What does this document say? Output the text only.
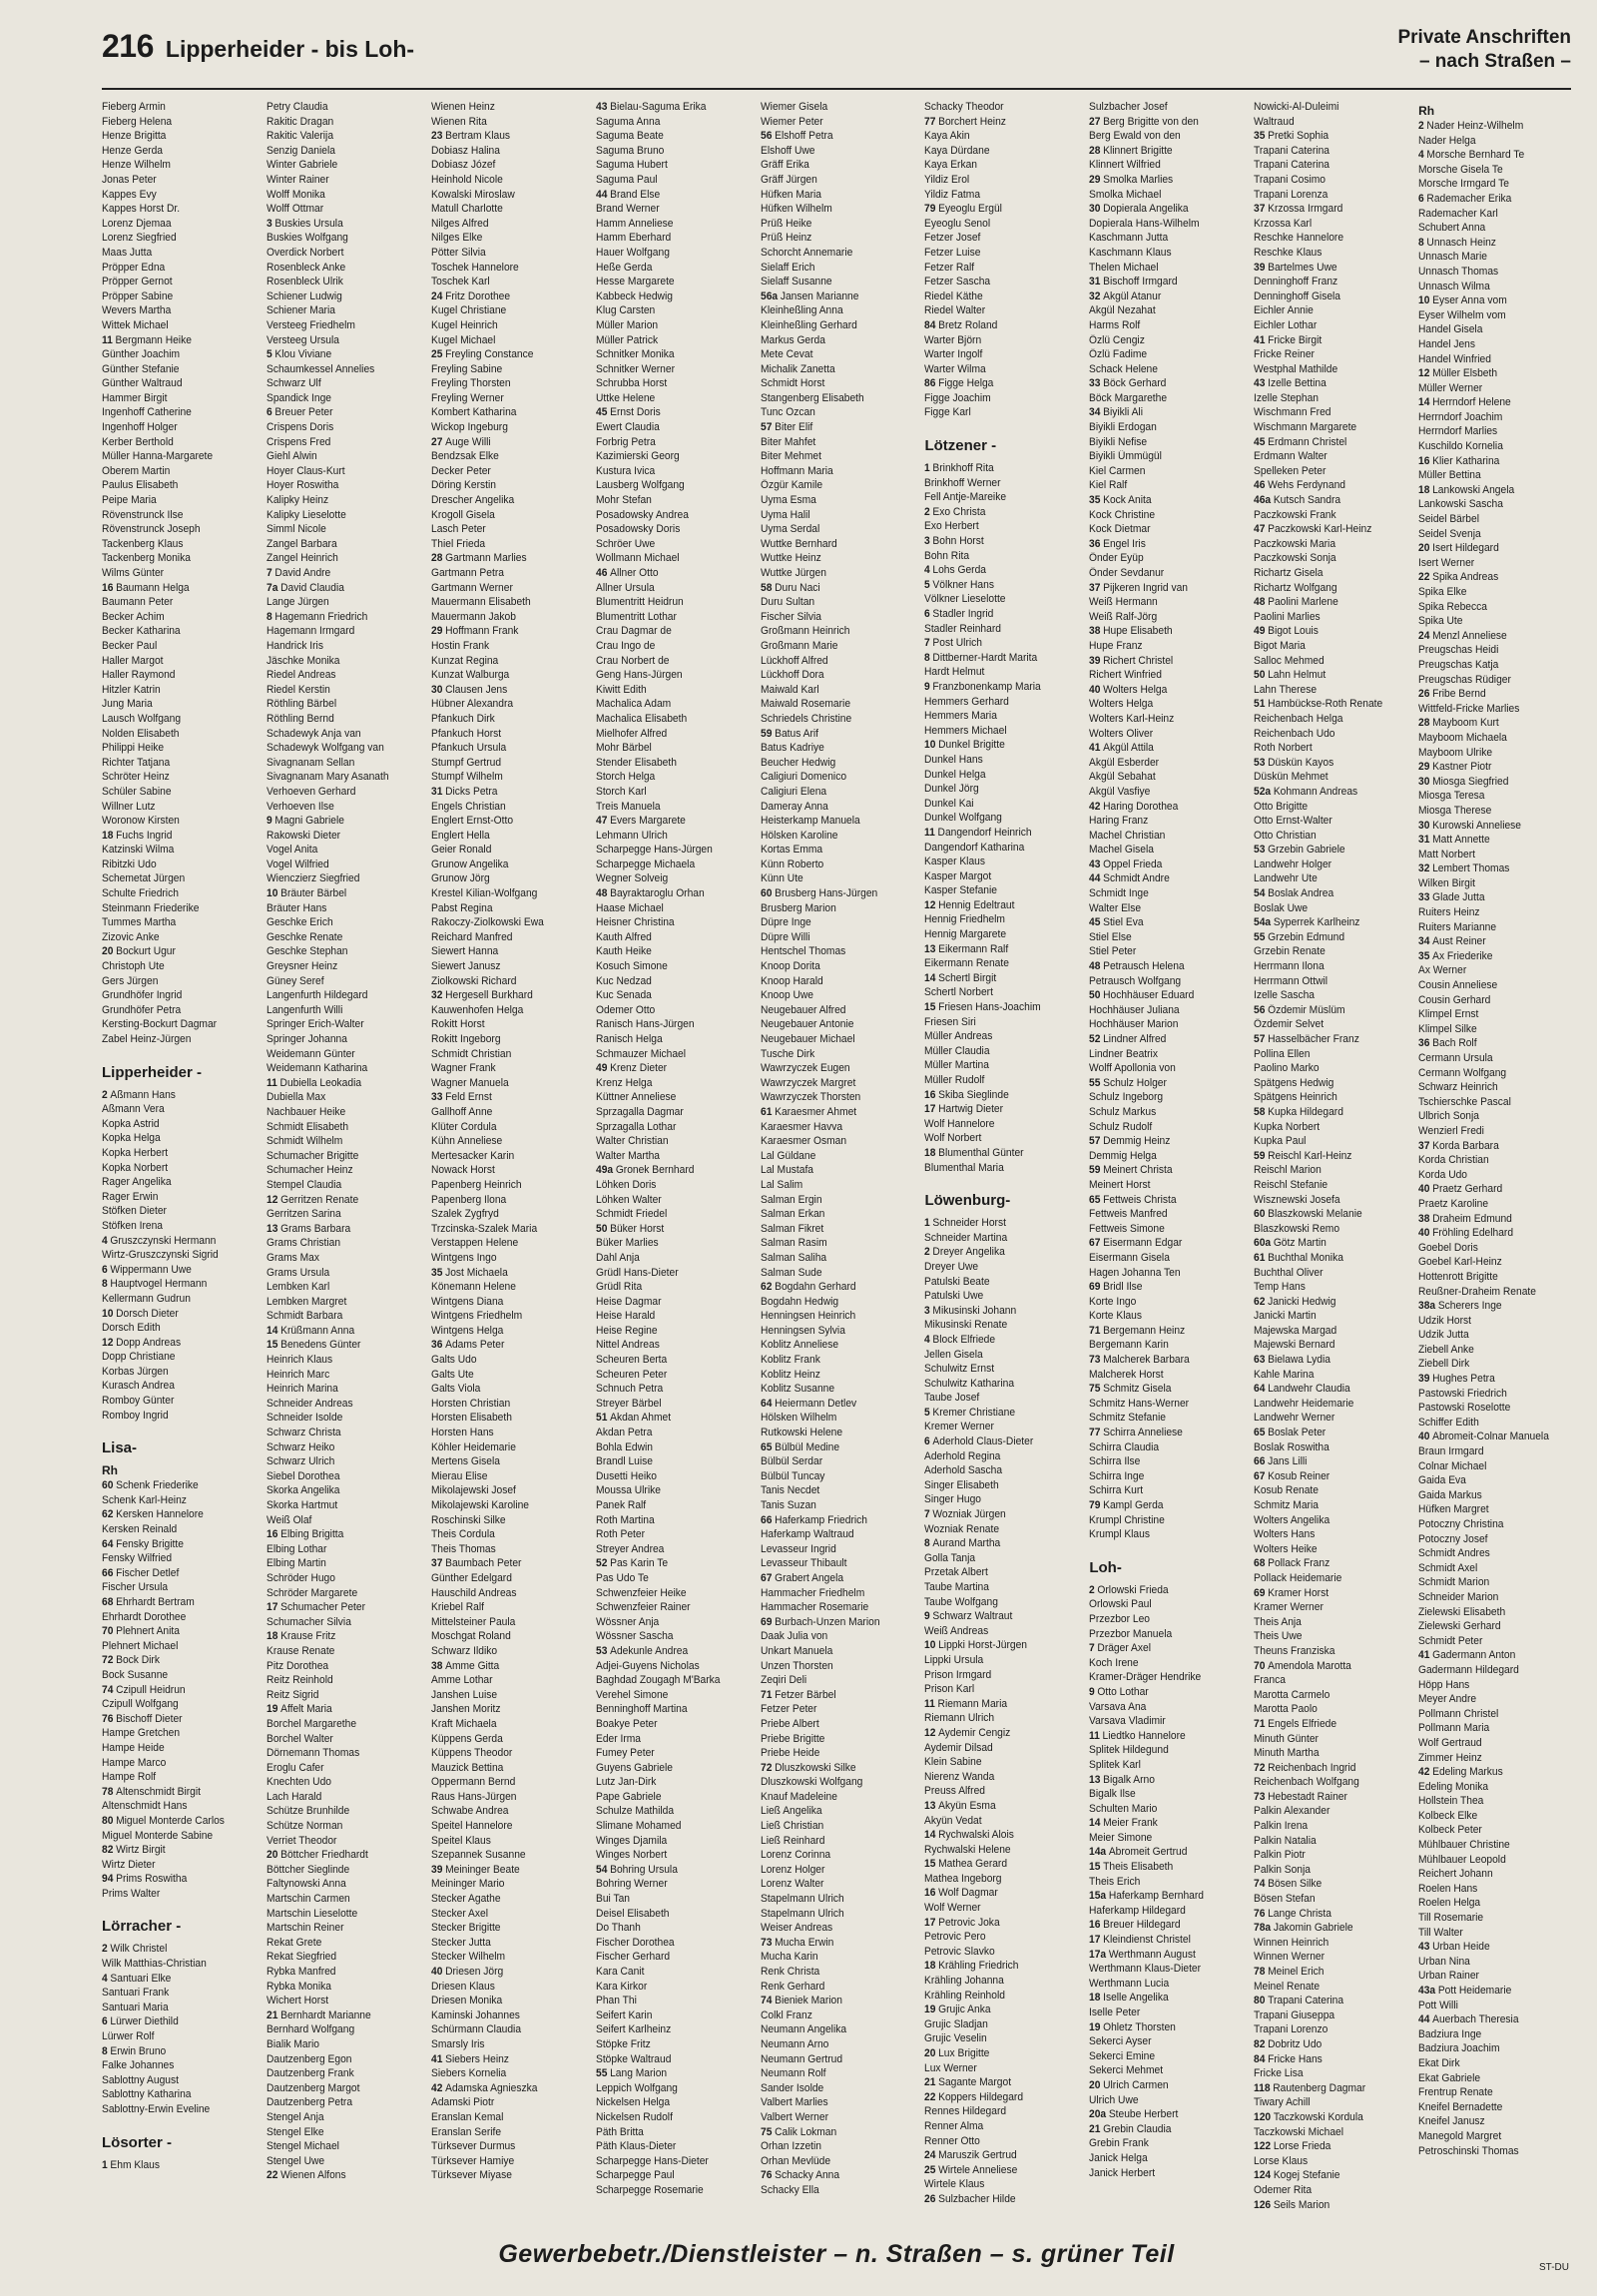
216 Lipperheider - bis Loh-	Private Anschriften
– nach Straßen –
Fieberg Armin
Fieberg Helena
Henze Brigitta
Henze Gerda
Henze Wilhelm
Jonas Peter
Kappes Evy
Kappes Horst Dr.
Lorenz Djemaa
Lorenz Siegfried
Maas Jutta
Pröpper Edna
Pröpper Gernot
Pröpper Sabine
Wevers Martha
Wittek Michael
11 Bergmann Heike
Günther Joachim
Günther Stefanie
Günther Waltraud
Hammer Birgit
Ingenhoff Catherine
Ingenhoff Holger
Kerber Berthold
Müller Hanna-Margarete
Oberem Martin
Paulus Elisabeth
Peipe Maria
Rövenstrunck Ilse
Rövenstrunck Joseph
Tackenberg Klaus
Tackenberg Monika
Wilms Günter
16 Baumann Helga
Baumann Peter
Becker Achim
Becker Katharina
Becker Paul
Haller Margot
Haller Raymond
Hitzler Katrin
Jung Maria
Lausch Wolfgang
Nolden Elisabeth
Philippi Heike
Richter Tatjana
Schröter Heinz
Schüler Sabine
Willner Lutz
Woronow Kirsten
18 Fuchs Ingrid
Katzinski Wilma
Ribitzki Udo
Schemetat Jürgen
Schulte Friedrich
Steinmann Friederike
Tummes Martha
Zizovic Anke
20 Bockurt Ugur
Christoph Ute
Gers Jürgen
Grundhöfer Ingrid
Grundhöfer Petra
Kersting-Bockurt Dagmar
Zabel Heinz-Jürgen
Lipperheider -
2 Aßmann Hans
Aßmann Vera
Kopka Astrid
Kopka Helga
Kopka Herbert
Kopka Norbert
Rager Angelika
Rager Erwin
Stöfken Dieter
Stöfken Irena
4 Gruszczynski Hermann
Wirtz-Gruszczynski Sigrid
6 Wippermann Uwe
8 Hauptvogel Hermann
Kellermann Gudrun
10 Dorsch Dieter
Dorsch Edith
12 Dopp Andreas
Dopp Christiane
Korbas Jürgen
Kurasch Andrea
Romboy Günter
Romboy Ingrid
Lisa-
Rh
60 Schenk Friederike
Schenk Karl-Heinz
62 Kersken Hannelore
Kersken Reinald
64 Fensky Brigitte
Fensky Wilfried
66 Fischer Detlef
Fischer Ursula
68 Ehrhardt Bertram
Ehrhardt Dorothee
70 Plehnert Anita
Plehnert Michael
72 Bock Dirk
Bock Susanne
74 Czipull Heidrun
Czipull Wolfgang
76 Bischoff Dieter
Hampe Gretchen
Hampe Heide
Hampe Marco
Hampe Rolf
78 Altenschmidt Birgit
Altenschmidt Hans
80 Miguel Monterde Carlos
Miguel Monterde Sabine
82 Wirtz Birgit
Wirtz Dieter
94 Prims Roswitha
Prims Walter
Lörracher -
2 Wilk Christel
Wilk Matthias-Christian
4 Santuari Elke
Santuari Frank
Santuari Maria
6 Lürwer Diethild
Lürwer Rolf
8 Erwin Bruno
Falke Johannes
Sablottny August
Sablottny Katharina
Sablottny-Erwin Eveline
Lösorter -
1 Ehm Klaus
Petry Claudia
Rakitic Dragan
Rakitic Valerija
Senzig Daniela
Winter Gabriele
Winter Rainer
Wolff Monika
Wolff Ottmar
3 Buskies Ursula
Buskies Wolfgang
Overdick Norbert
Rosenbleck Anke
Rosenbleck Ulrik
Schiener Ludwig
Schiener Maria
Versteeg Friedhelm
Versteeg Ursula
5 Klou Viviane
Schaumkessel Annelies
Schwarz Ulf
Spandick Inge
6 Breuer Peter
Crispens Doris
Crispens Fred
Giehl Alwin
Hoyer Claus-Kurt
Hoyer Roswitha
Kalipky Heinz
Kalipky Lieselotte
Simml Nicole
Zangel Barbara
Zangel Heinrich
7 David Andre
7a David Claudia
Lange Jürgen
8 Hagemann Friedrich
Hagemann Irmgard
Handrick Iris
Jäschke Monika
Riedel Andreas
Riedel Kerstin
Röthling Bärbel
Röthling Bernd
Schadewyk Anja van
Schadewyk Wolfgang van
Sivagnanam Sellan
Sivagnanam Mary Asanath
Verhoeven Gerhard
Verhoeven Ilse
9 Magni Gabriele
Rakowski Dieter
Vogel Anita
Vogel Wilfried
Wienczierz Siegfried
10 Bräuter Bärbel
Bräuter Hans
Geschke Erich
Geschke Renate
Geschke Stephan
Greysner Heinz
Güney Seref
Langenfurth Hildegard
Langenfurth Willi
Springer Erich-Walter
Springer Johanna
Weidemann Günter
Weidemann Katharina
11 Dubiella Leokadia
Dubiella Max
Nachbauer Heike
Schmidt Elisabeth
Schmidt Wilhelm
Schumacher Brigitte
Schumacher Heinz
Stempel Claudia
12 Gerritzen Renate
Gerritzen Sarina
13 Grams Barbara
Grams Christian
Grams Max
Grams Ursula
Lembken Karl
Lembken Margret
Schmidt Barbara
14 Krüßmann Anna
15 Benedens Günter
Heinrich Klaus
Heinrich Marc
Heinrich Marina
Schneider Andreas
Schneider Isolde
Schwarz Christa
Schwarz Heiko
Schwarz Ulrich
Siebel Dorothea
Skorka Angelika
Skorka Hartmut
Weiß Olaf
16 Elbing Brigitta
Elbing Lothar
Elbing Martin
Schröder Hugo
Schröder Margarete
17 Schumacher Peter
Schumacher Silvia
18 Krause Fritz
Krause Renate
Pitz Dorothea
Reitz Reinhold
Reitz Sigrid
19 Affelt Maria
Borchel Margarethe
Borchel Walter
Dörnemann Thomas
Eroglu Cafer
Knechten Udo
Lach Harald
Schütze Brunhilde
Schütze Norman
Verriet Theodor
20 Böttcher Friedhardt
Böttcher Sieglinde
Faltynowski Anna
Martschin Carmen
Martschin Lieselotte
Martschin Reiner
Rekat Grete
Rekat Siegfried
Rybka Manfred
Rybka Monika
Wichert Horst
21 Bernhardt Marianne
Bernhard Wolfgang
Bialik Mario
Dautzenberg Egon
Dautzenberg Frank
Dautzenberg Margot
Dautzenberg Petra
Stengel Anja
Stengel Elke
Stengel Michael
Stengel Uwe
22 Wienen Alfons
Wienen Heinz
Wienen Rita
23 Bertram Klaus
Dobiasz Halina
Dobiasz Józef
Heinhold Nicole
Kowalski Miroslaw
Matull Charlotte
Nilges Alfred
Nilges Elke
Pötter Silvia
Toschek Hannelore
Toschek Karl
24 Fritz Dorothee
Kugel Christiane
Kugel Heinrich
Kugel Michael
25 Freyling Constance
Freyling Sabine
Freyling Thorsten
Freyling Werner
Kombert Katharina
Wickop Ingeburg
27 Auge Willi
Bendzsak Elke
Decker Peter
Döring Kerstin
Drescher Angelika
Krogoll Gisela
Lasch Peter
Thiel Frieda
28 Gartmann Marlies
Gartmann Petra
Gartmann Werner
Mauermann Elisabeth
Mauermann Jakob
29 Hoffmann Frank
Hostin Frank
Kunzat Regina
Kunzat Walburga
30 Clausen Jens
Hübner Alexandra
Pfankuch Dirk
Pfankuch Horst
Pfankuch Ursula
Stumpf Gertrud
Stumpf Wilhelm
31 Dicks Petra
Engels Christian
Englert Ernst-Otto
Englert Hella
Geier Ronald
Grunow Angelika
Grunow Jörg
Krestel Kilian-Wolfgang
Pabst Regina
Rakoczy-Ziolkowski Ewa
Reichard Manfred
Siewert Hanna
Siewert Janusz
Ziolkowski Richard
32 Hergesell Burkhard
Kauwenhofen Helga
Rokitt Horst
Rokitt Ingeborg
Schmidt Christian
Wagner Frank
Wagner Manuela
33 Feld Ernst
Gallhoff Anne
Klüter Cordula
Kühn Anneliese
Mertesacker Karin
Nowack Horst
Papenberg Heinrich
Papenberg Ilona
Szalek Zygfryd
Trzcinska-Szalek Maria
Verstappen Helene
Wintgens Ingo
35 Jost Michaela
Könemann Helene
Wintgens Diana
Wintgens Friedhelm
Wintgens Helga
36 Adams Peter
Galts Udo
Galts Ute
Galts Viola
Horsten Christian
Horsten Elisabeth
Horsten Hans
Köhler Heidemarie
Mertens Gisela
Mierau Elise
Mikolajewski Josef
Mikolajewski Karoline
Roschinski Silke
Theis Cordula
Theis Thomas
37 Baumbach Peter
Günther Edelgard
Hauschild Andreas
Kriebel Ralf
Mittelsteiner Paula
Moschgat Roland
Schwarz Ildiko
38 Amme Gitta
Amme Lothar
Janshen Luise
Janshen Moritz
Kraft Michaela
Küppens Gerda
Küppens Theodor
Mauzick Bettina
Oppermann Bernd
Raus Hans-Jürgen
Schwabe Andrea
Speitel Hannelore
Speitel Klaus
Szepannek Susanne
39 Meininger Beate
Meininger Mario
Stecker Agathe
Stecker Axel
Stecker Brigitte
Stecker Jutta
Stecker Wilhelm
40 Driesen Jörg
Driesen Klaus
Driesen Monika
Kaminski Johannes
Schürmann Claudia
Smarsly Iris
41 Siebers Heinz
Siebers Kornelia
42 Adamska Agnieszka
Adamski Piotr
Eranslan Kemal
Eranslan Serife
Türksever Durmus
Türksever Hamiye
Türksever Miyase
43 Bielau-Saguma Erika
Saguma Anna
Saguma Beate
Saguma Bruno
Saguma Hubert
Saguma Paul
44 Brand Else
Brand Werner
Hamm Anneliese
Hamm Eberhard
Hauer Wolfgang
Heße Gerda
Hesse Margarete
Kabbeck Hedwig
Klug Carsten
Müller Marion
Müller Patrick
Schnitker Monika
Schnitker Werner
Schrubba Horst
Uttke Helene
45 Ernst Doris
Ewert Claudia
Forbrig Petra
Kazimierski Georg
Kustura Ivica
Lausberg Wolfgang
Mohr Stefan
Posadowsky Andrea
Posadowsky Doris
Schröer Uwe
Wollmann Michael
46 Allner Otto
Allner Ursula
Blumentritt Heidrun
Blumentritt Lothar
Crau Dagmar de
Crau Ingo de
Crau Norbert de
Geng Hans-Jürgen
Kiwitt Edith
Machalica Adam
Machalica Elisabeth
Mielhofer Alfred
Mohr Bärbel
Stender Elisabeth
Storch Helga
Storch Karl
Treis Manuela
47 Evers Margarete
Lehmann Ulrich
Scharpegge Hans-Jürgen
Scharpegge Michaela
Wegner Solveig
48 Bayraktaroglu Orhan
Haase Michael
Heisner Christina
Kauth Alfred
Kauth Heike
Kosuch Simone
Kuc Nedzad
Kuc Senada
Odemer Otto
Ranisch Hans-Jürgen
Ranisch Helga
Schmauzer Michael
49 Krenz Dieter
Krenz Helga
Küttner Anneliese
Sprzagalla Dagmar
Sprzagalla Lothar
Walter Christian
Walter Martha
49a Gronek Bernhard
Löhken Doris
Löhken Walter
Schmidt Friedel
50 Büker Horst
Büker Marlies
Dahl Anja
Grüdl Hans-Dieter
Grüdl Rita
Heise Dagmar
Heise Harald
Heise Regine
Nittel Andreas
Scheuren Berta
Scheuren Peter
Schnuch Petra
Streyer Bärbel
51 Akdan Ahmet
Akdan Petra
Bohla Edwin
Brandl Luise
Dusetti Heiko
Moussa Ulrike
Panek Ralf
Roth Martina
Roth Peter
Streyer Andrea
52 Pas Karin Te
Pas Udo Te
Schwenzfeier Heike
Schwenzfeier Rainer
Wössner Anja
Wössner Sascha
53 Adekunle Andrea
Adjei-Guyens Nicholas
Baghdad Zougagh M'Barka
Verehel Simone
Benninghoff Martina
Boakye Peter
Eder Irma
Fumey Peter
Guyens Gabriele
Lutz Jan-Dirk
Pape Gabriele
Schulze Mathilda
Slimane Mohamed
Winges Djamila
Winges Norbert
54 Bohring Ursula
Bohring Werner
Bui Tan
Deisel Elisabeth
Do Thanh
Fischer Dorothea
Fischer Gerhard
Kara Canit
Kara Kirkor
Phan Thi
Seifert Karin
Seifert Karlheinz
Stöpke Fritz
Stöpke Waltraud
55 Lang Marion
Leppich Wolfgang
Nickelsen Helga
Nickelsen Rudolf
Päth Britta
Päth Klaus-Dieter
Scharpegge Hans-Dieter
Scharpegge Paul
Scharpegge Rosemarie
Wiemer Gisela
Wiemer Peter
56 Elshoff Petra
Elshoff Uwe
Gräff Erika
Gräff Jürgen
Hüfken Maria
Hüfken Wilhelm
Prüß Heike
Prüß Heinz
Schorcht Annemarie
Sielaff Erich
Sielaff Susanne
56a Jansen Marianne
Kleinheßling Anna
Kleinheßling Gerhard
Markus Gerda
Mete Cevat
Michalik Zanetta
Schmidt Horst
Stangenberg Elisabeth
Tunc Ozcan
57 Biter Elif
Biter Mahfet
Biter Mehmet
Hoffmann Maria
Özgür Kamile
Uyma Esma
Uyma Halil
Uyma Serdal
Wuttke Bernhard
Wuttke Heinz
Wuttke Jürgen
58 Duru Naci
Duru Sultan
Fischer Silvia
Großmann Heinrich
Großmann Marie
Lückhoff Alfred
Lückhoff Dora
Maiwald Karl
Maiwald Rosemarie
Schriedels Christine
59 Batus Arif
Batus Kadriye
Beucher Hedwig
Caligiuri Domenico
Caligiuri Elena
Dameray Anna
Heisterkamp Manuela
Hölsken Karoline
Kortas Emma
Künn Roberto
Künn Ute
60 Brusberg Hans-Jürgen
Brusberg Marion
Düpre Inge
Düpre Willi
Hentschel Thomas
Knoop Dorita
Knoop Harald
Knoop Uwe
Neugebauer Alfred
Neugebauer Antonie
Neugebauer Michael
Tusche Dirk
Wawrzyczek Eugen
Wawrzyczek Margret
Wawrzyczek Thorsten
61 Karaesmer Ahmet
Karaesmer Havva
Karaesmer Osman
Lal Güldane
Lal Mustafa
Lal Salim
Salman Ergin
Salman Erkan
Salman Fikret
Salman Rasim
Salman Saliha
Salman Sude
62 Bogdahn Gerhard
Bogdahn Hedwig
Henningsen Heinrich
Henningsen Sylvia
Koblitz Anneliese
Koblitz Frank
Koblitz Heinz
Koblitz Susanne
64 Heiermann Detlev
Hölsken Wilhelm
Rutkowski Helene
65 Bülbül Medine
Bülbül Serdar
Bülbül Tuncay
Tanis Necdet
Tanis Suzan
66 Haferkamp Friedrich
Haferkamp Waltraud
Levasseur Ingrid
Levasseur Thibault
67 Grabert Angela
Hammacher Friedhelm
Hammacher Rosemarie
69 Burbach-Unzen Marion
Daak Julia von
Unkart Manuela
Unzen Thorsten
Zeqiri Deli
71 Fetzer Bärbel
Fetzer Peter
Priebe Albert
Priebe Brigitte
Priebe Heide
72 Dluszkowski Silke
Dluszkowski Wolfgang
Knauf Madeleine
Ließ Angelika
Ließ Christian
Ließ Reinhard
Lorenz Corinna
Lorenz Holger
Lorenz Walter
Stapelmann Ulrich
Stapelmann Ulrich
Weiser Andreas
73 Mucha Erwin
Mucha Karin
Renk Christa
Renk Gerhard
74 Bieniek Marion
Colkl Franz
Neumann Angelika
Neumann Arno
Neumann Gertrud
Neumann Rolf
Sander Isolde
Valbert Marlies
Valbert Werner
75 Calik Lokman
Orhan Izzetin
Orhan Mevlüde
76 Schacky Anna
Schacky Ella
Schacky Theodor
77 Borchert Heinz
Kaya Akin
Kaya Dürdane
Kaya Erkan
Yildiz Erol
Yildiz Fatma
79 Eyeoglu Ergül
Eyeoglu Senol
Fetzer Josef
Fetzer Luise
Fetzer Ralf
Fetzer Sascha
Riedel Käthe
Riedel Walter
84 Bretz Roland
Warter Björn
Warter Ingolf
Warter Wilma
86 Figge Helga
Figge Joachim
Figge Karl
Lötzener -
1 Brinkhoff Rita
Brinkhoff Werner
Fell Antje-Mareike
2 Exo Christa
Exo Herbert
3 Bohn Horst
Bohn Rita
4 Lohs Gerda
5 Völkner Hans
Völkner Lieselotte
6 Stadler Ingrid
Stadler Reinhard
7 Post Ulrich
8 Dittberner-Hardt Marita
Hardt Helmut
9 Franzbonenkamp Maria
Hemmers Gerhard
Hemmers Maria
Hemmers Michael
10 Dunkel Brigitte
Dunkel Hans
Dunkel Helga
Dunkel Jörg
Dunkel Kai
Dunkel Wolfgang
11 Dangendorf Heinrich
Dangendorf Katharina
Kasper Klaus
Kasper Margot
Kasper Stefanie
12 Hennig Edeltraut
Hennig Friedhelm
Hennig Margarete
13 Eikermann Ralf
Eikermann Renate
14 Schertl Birgit
Schertl Norbert
15 Friesen Hans-Joachim
Friesen Siri
Müller Andreas
Müller Claudia
Müller Martina
Müller Rudolf
16 Skiba Sieglinde
17 Hartwig Dieter
Wolf Hannelore
Wolf Norbert
18 Blumenthal Günter
Blumenthal Maria
Löwenburg-
1 Schneider Horst
Schneider Martina
2 Dreyer Angelika
Dreyer Uwe
Patulski Beate
Patulski Uwe
3 Mikusinski Johann
Mikusinski Renate
4 Block Elfriede
Jellen Gisela
Schulwitz Ernst
Schulwitz Katharina
Taube Josef
5 Kremer Christiane
Kremer Werner
6 Aderhold Claus-Dieter
Aderhold Regina
Aderhold Sascha
Singer Elisabeth
Singer Hugo
7 Wozniak Jürgen
Wozniak Renate
8 Aurand Martha
Golla Tanja
Przetak Albert
Taube Martina
Taube Wolfgang
9 Schwarz Waltraut
Weiß Andreas
10 Lippki Horst-Jürgen
Lippki Ursula
Prison Irmgard
Prison Karl
11 Riemann Maria
Riemann Ulrich
12 Aydemir Cengiz
Aydemir Dilsad
Klein Sabine
Nierenz Wanda
Preuss Alfred
13 Akyün Esma
Akyün Vedat
14 Rychwalski Alois
Rychwalski Helene
15 Mathea Gerard
Mathea Ingeborg
16 Wolf Dagmar
Wolf Werner
17 Petrovic Joka
Petrovic Pero
Petrovic Slavko
18 Krähling Friedrich
Krähling Johanna
Krähling Reinhold
19 Grujic Anka
Grujic Sladjan
Grujic Veselin
20 Lux Brigitte
Lux Werner
21 Sagante Margot
22 Koppers Hildegard
Rennes Hildegard
Renner Alma
Renner Otto
24 Maruszik Gertrud
25 Wirtele Anneliese
Wirtele Klaus
26 Sulzbacher Hilde
Sulzbacher Josef
27 Berg Brigitte von den
Berg Ewald von den
28 Klinnert Brigitte
Klinnert Wilfried
29 Smolka Marlies
Smolka Michael
30 Dopierala Angelika
Dopierala Hans-Wilhelm
Kaschmann Jutta
Kaschmann Klaus
Thelen Michael
31 Bischoff Irmgard
32 Akgül Atanur
Akgül Nezahat
Harms Rolf
Özlü Cengiz
Özlü Fadime
Schack Helene
33 Böck Gerhard
Böck Margarethe
34 Biyikli Ali
Biyikli Erdogan
Biyikli Nefise
Biyikli Ümmügül
Kiel Carmen
Kiel Ralf
35 Kock Anita
Kock Christine
Kock Dietmar
36 Engel Iris
Önder Eyüp
Önder Sevdanur
37 Pijkeren Ingrid van
Weiß Hermann
Weiß Ralf-Jörg
38 Hupe Elisabeth
Hupe Franz
39 Richert Christel
Richert Winfried
40 Wolters Helga
Wolters Helga
Wolters Karl-Heinz
Wolters Oliver
41 Akgül Attila
Akgül Esberder
Akgül Sebahat
Akgül Vasfiye
42 Haring Dorothea
Haring Franz
Machel Christian
Machel Gisela
43 Oppel Frieda
44 Schmidt Andre
Schmidt Inge
Walter Else
45 Stiel Eva
Stiel Else
Stiel Peter
48 Petrausch Helena
Petrausch Wolfgang
50 Hochhäuser Eduard
Hochhäuser Juliana
Hochhäuser Marion
52 Lindner Alfred
Lindner Beatrix
Wolff Apollonia von
55 Schulz Holger
Schulz Ingeborg
Schulz Markus
Schulz Rudolf
57 Demmig Heinz
Demmig Helga
59 Meinert Christa
Meinert Horst
65 Fettweis Christa
Fettweis Manfred
Fettweis Simone
67 Eisermann Edgar
Eisermann Gisela
Hagen Johanna Ten
69 Bridl Ilse
Korte Ingo
Korte Klaus
71 Bergemann Heinz
Bergemann Karin
73 Malcherek Barbara
Malcherek Horst
75 Schmitz Gisela
Schmitz Hans-Werner
Schmitz Stefanie
77 Schirra Anneliese
Schirra Claudia
Schirra Ilse
Schirra Inge
Schirra Kurt
79 Kampl Gerda
Krumpl Christine
Krumpl Klaus
Loh-
2 Orlowski Frieda
Orlowski Paul
Przezbor Leo
Przezbor Manuela
7 Dräger Axel
Koch Irene
Kramer-Dräger Hendrike
9 Otto Lothar
Varsava Ana
Varsava Vladimir
11 Liedtko Hannelore
Splitek Hildegund
Splitek Karl
13 Bigalk Arno
Bigalk Ilse
Schulten Mario
14 Meier Frank
Meier Simone
14a Abromeit Gertrud
15 Theis Elisabeth
Theis Erich
15a Haferkamp Bernhard
Haferkamp Hildegard
16 Breuer Hildegard
17 Kleindienst Christel
17a Werthmann August
Werthmann Klaus-Dieter
Werthmann Lucia
18 Iselle Angelika
Iselle Peter
19 Ohletz Thorsten
Sekerci Ayser
Sekerci Emine
Sekerci Mehmet
20 Ulrich Carmen
Ulrich Uwe
20a Steube Herbert
21 Grebin Claudia
Grebin Frank
Janick Helga
Janick Herbert
Nowicki-Al-Duleimi
Waltraud
35 Pretki Sophia
Trapani Caterina
Trapani Caterina
Trapani Cosimo
Trapani Lorenza
37 Krzossa Irmgard
Krzossa Karl
Reschke Hannelore
Reschke Klaus
39 Bartelmes Uwe
Denninghoff Franz
Denninghoff Gisela
Eichler Annie
Eichler Lothar
41 Fricke Birgit
Fricke Reiner
Westphal Mathilde
43 Izelle Bettina
Izelle Stephan
Wischmann Fred
Wischmann Margarete
45 Erdmann Christel
Erdmann Walter
Spelleken Peter
46 Wehs Ferdynand
46a Kutsch Sandra
Paczkowski Frank
47 Paczkowski Karl-Heinz
Paczkowski Maria
Paczkowski Sonja
Richartz Gisela
Richartz Wolfgang
48 Paolini Marlene
Paolini Marlies
49 Bigot Louis
Bigot Maria
Salloc Mehmed
50 Lahn Helmut
Lahn Therese
51 Hambückse-Roth Renate
Reichenbach Helga
Reichenbach Udo
Roth Norbert
53 Düskün Kayos
Düskün Mehmet
52a Kohmann Andreas
Otto Brigitte
Otto Ernst-Walter
Otto Christian
53 Grzebin Gabriele
Landwehr Holger
Landwehr Ute
54 Boslak Andrea
Boslak Uwe
54a Syperrek Karlheinz
55 Grzebin Edmund
Grzebin Renate
Herrmann Ilona
Herrmann Ottwil
Izelle Sascha
56 Özdemir Müslüm
Özdemir Selvet
57 Hasselbächer Franz
Pollina Ellen
Paolino Marko
Spätgens Hedwig
Spätgens Heinrich
58 Kupka Hildegard
Kupka Norbert
Kupka Paul
59 Reischl Karl-Heinz
Reischl Marion
Reischl Stefanie
Wisznewski Josefa
60 Blaszkowski Melanie
Blaszkowski Remo
60a Götz Martin
61 Buchthal Monika
Buchthal Oliver
Temp Hans
62 Janicki Hedwig
Janicki Martin
Majewska Margad
Majewski Bernard
63 Bielawa Lydia
Kahle Marina
64 Landwehr Claudia
Landwehr Heidemarie
Landwehr Werner
65 Boslak Peter
Boslak Roswitha
66 Jans Lilli
67 Kosub Reiner
Kosub Renate
Schmitz Maria
Wolters Angelika
Wolters Hans
Wolters Heike
68 Pollack Franz
Pollack Heidemarie
69 Kramer Horst
Kramer Werner
Theis Anja
Theis Uwe
Theuns Franziska
70 Amendola Marotta
Franca
Marotta Carmelo
Marotta Paolo
71 Engels Elfriede
Minuth Günter
Minuth Martha
72 Reichenbach Ingrid
Reichenbach Wolfgang
73 Hebestadt Rainer
Palkin Alexander
Palkin Irena
Palkin Natalia
Palkin Piotr
Palkin Sonja
74 Bösen Silke
Bösen Stefan
76 Lange Christa
78a Jakomin Gabriele
Winnen Heinrich
Winnen Werner
78 Meinel Erich
Meinel Renate
80 Trapani Caterina
Trapani Giuseppa
Trapani Lorenzo
82 Dobritz Udo
84 Fricke Hans
Fricke Lisa
118 Rautenberg Dagmar
Tiwary Achill
120 Taczkowski Kordula
Taczkowski Michael
122 Lorse Frieda
Lorse Klaus
124 Kogej Stefanie
Odemer Rita
126 Seils Marion
Rh
2 Nader Heinz-Wilhelm
Nader Helga
4 Morsche Bernhard Te
Morsche Gisela Te
Morsche Irmgard Te
6 Rademacher Erika
Rademacher Karl
Schubert Anna
8 Unnasch Heinz
Unnasch Marie
Unnasch Thomas
Unnasch Wilma
10 Eyser Anna vom
Eyser Wilhelm vom
Handel Gisela
Handel Jens
Handel Winfried
12 Müller Elsbeth
Müller Werner
14 Herrndorf Helene
Herrndorf Joachim
Herrndorf Marlies
Kuschildo Kornelia
16 Klier Katharina
Müller Bettina
18 Lankowski Angela
Lankowski Sascha
Seidel Bärbel
Seidel Svenja
20 Isert Hildegard
Isert Werner
22 Spika Andreas
Spika Elke
Spika Rebecca
Spika Ute
24 Menzl Anneliese
Preugschas Heidi
Preugschas Katja
Preugschas Rüdiger
26 Fribe Bernd
Wittfeld-Fricke Marlies
28 Mayboom Kurt
Mayboom Michaela
Mayboom Ulrike
29 Kastner Piotr
30 Miosga Siegfried
Miosga Teresa
Miosga Therese
30 Kurowski Anneliese
31 Matt Annette
Matt Norbert
32 Lembert Thomas
Wilken Birgit
33 Glade Jutta
Ruiters Heinz
Ruiters Marianne
34 Aust Reiner
35 Ax Friederike
Ax Werner
Cousin Anneliese
Cousin Gerhard
Klimpel Ernst
Klimpel Silke
36 Bach Rolf
Cermann Ursula
Cermann Wolfgang
Schwarz Heinrich
Tschierschke Pascal
Ulbrich Sonja
Wenzierl Fredi
37 Korda Barbara
Korda Christian
Korda Udo
40 Praetz Gerhard
Praetz Karoline
38 Draheim Edmund
40 Fröhling Edelhard
Goebel Doris
Goebel Karl-Heinz
Hottenrott Brigitte
Reußner-Draheim Renate
38a Scherers Inge
Udzik Horst
Udzik Jutta
Ziebell Anke
Ziebell Dirk
39 Hughes Petra
Pastowski Friedrich
Pastowski Roselotte
Schiffer Edith
40 Abromeit-Colnar Manuela
Braun Irmgard
Colnar Michael
Gaida Eva
Gaida Markus
Hüfken Margret
Potoczny Christina
Potoczny Josef
Schmidt Andres
Schmidt Axel
Schmidt Marion
Schneider Marion
Zielewski Elisabeth
Zielewski Gerhard
Schmidt Peter
41 Gadermann Anton
Gadermann Hildegard
Höpp Hans
Meyer Andre
Pollmann Christel
Pollmann Maria
Wolf Gertraud
Zimmer Heinz
42 Edeling Markus
Edeling Monika
Hollstein Thea
Kolbeck Elke
Kolbeck Peter
Mühlbauer Christine
Mühlbauer Leopold
Reichert Johann
Roelen Hans
Roelen Helga
Till Rosemarie
Till Walter
43 Urban Heide
Urban Nina
Urban Rainer
43a Pott Heidemarie
Pott Willi
44 Auerbach Theresia
Badziura Inge
Badziura Joachim
Ekat Dirk
Ekat Gabriele
Frentrup Renate
Kneifel Bernadette
Kneifel Janusz
Manegold Margret
Petroschinski Thomas
Gewerbebetr./Dienstleister – n. Straßen – s. grüner Teil	ST-DU
